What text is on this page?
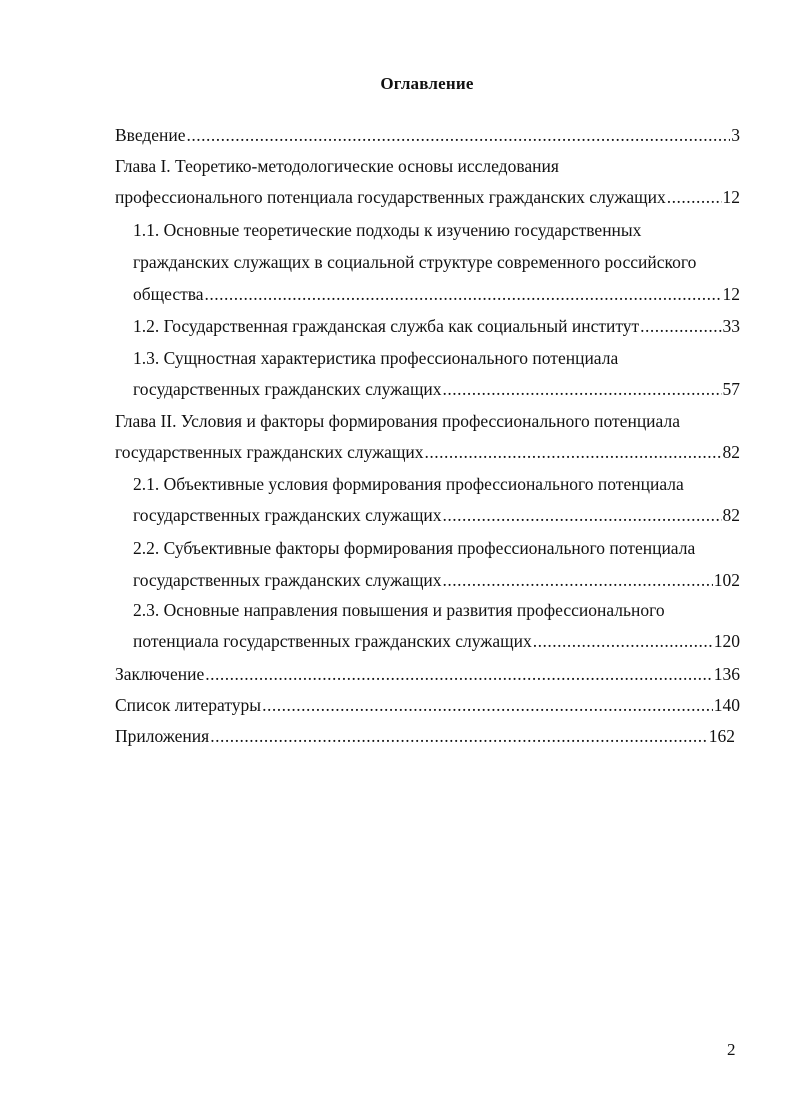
Оглавление
Введение .....	3
Глава I. Теоретико-методологические основы исследования
профессионального потенциала государственных гражданских служащих .....	12
1.1. Основные теоретические подходы к изучению государственных
гражданских служащих в социальной структуре современного российского
общества .....	12
1.2. Государственная гражданская служба как социальный институт .....	33
1.3. Сущностная характеристика профессионального потенциала
государственных гражданских служащих .....	57
Глава II. Условия и факторы формирования профессионального потенциала
государственных гражданских служащих .....	82
2.1. Объективные условия формирования профессионального потенциала
государственных гражданских служащих .....	82
2.2. Субъективные факторы формирования профессионального потенциала
государственных гражданских служащих .....	102
2.3. Основные направления повышения и развития профессионального
потенциала государственных гражданских служащих .....	120
Заключение .....	136
Список литературы .....	140
Приложения .....	162
2
